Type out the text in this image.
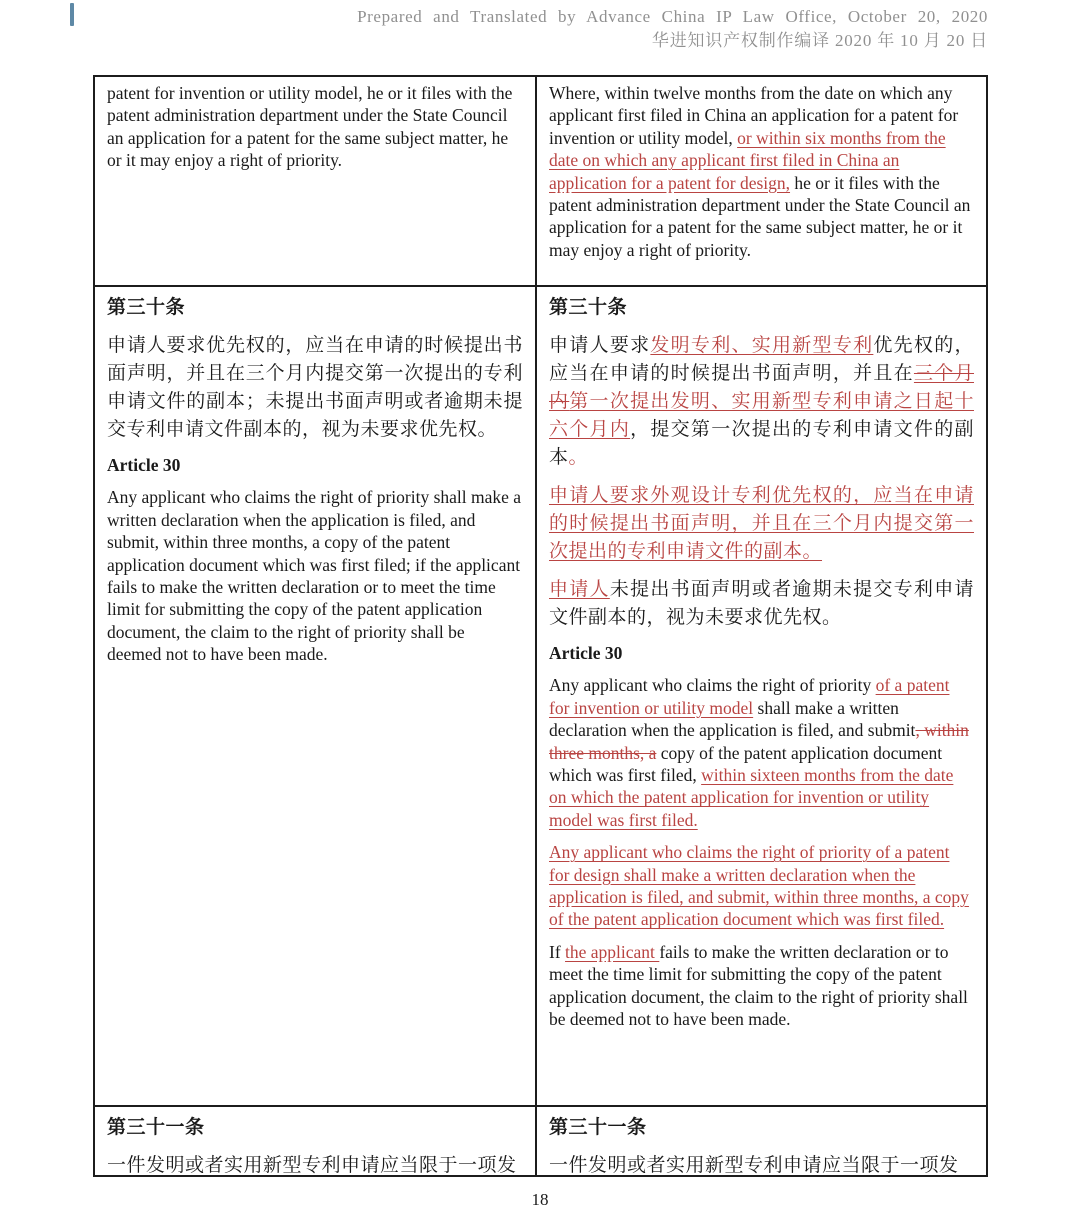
Prepared and Translated by Advance China IP Law Office, October 20, 2020
华进知识产权制作编译 2020 年 10 月 20 日

patent for invention or utility model, he or it files with the patent administration department under the State Council an application for a patent for the same subject matter, he or it may enjoy a right of priority.

Where, within twelve months from the date on which any applicant first filed in China an application for a patent for invention or utility model, or within six months from the date on which any applicant first filed in China an application for a patent for design, he or it files with the patent administration department under the State Council an application for a patent for the same subject matter, he or it may enjoy a right of priority.

第三十条

申请人要求优先权的，应当在申请的时候提出书面声明，并且在三个月内提交第一次提出的专利申请文件的副本；未提出书面声明或者逾期未提交专利申请文件副本的，视为未要求优先权。

Article 30

Any applicant who claims the right of priority shall make a written declaration when the application is filed, and submit, within three months, a copy of the patent application document which was first filed; if the applicant fails to make the written declaration or to meet the time limit for submitting the copy of the patent application document, the claim to the right of priority shall be deemed not to have been made.

第三十条

申请人要求发明专利、实用新型专利优先权的，应当在申请的时候提出书面声明，并且在三个月内第一次提出发明、实用新型专利申请之日起十六个月内，提交第一次提出的专利申请文件的副本。

申请人要求外观设计专利优先权的，应当在申请的时候提出书面声明，并且在三个月内提交第一次提出的专利申请文件的副本。

申请人未提出书面声明或者逾期未提交专利申请文件副本的，视为未要求优先权。

Article 30

Any applicant who claims the right of priority of a patent for invention or utility model shall make a written declaration when the application is filed, and submit, within three months, a copy of the patent application document which was first filed, within sixteen months from the date on which the patent application for invention or utility model was first filed.

Any applicant who claims the right of priority of a patent for design shall make a written declaration when the application is filed, and submit, within three months, a copy of the patent application document which was first filed.

If the applicant fails to make the written declaration or to meet the time limit for submitting the copy of the patent application document, the claim to the right of priority shall be deemed not to have been made.

第三十一条

一件发明或者实用新型专利申请应当限于一项发

第三十一条

一件发明或者实用新型专利申请应当限于一项发

18
